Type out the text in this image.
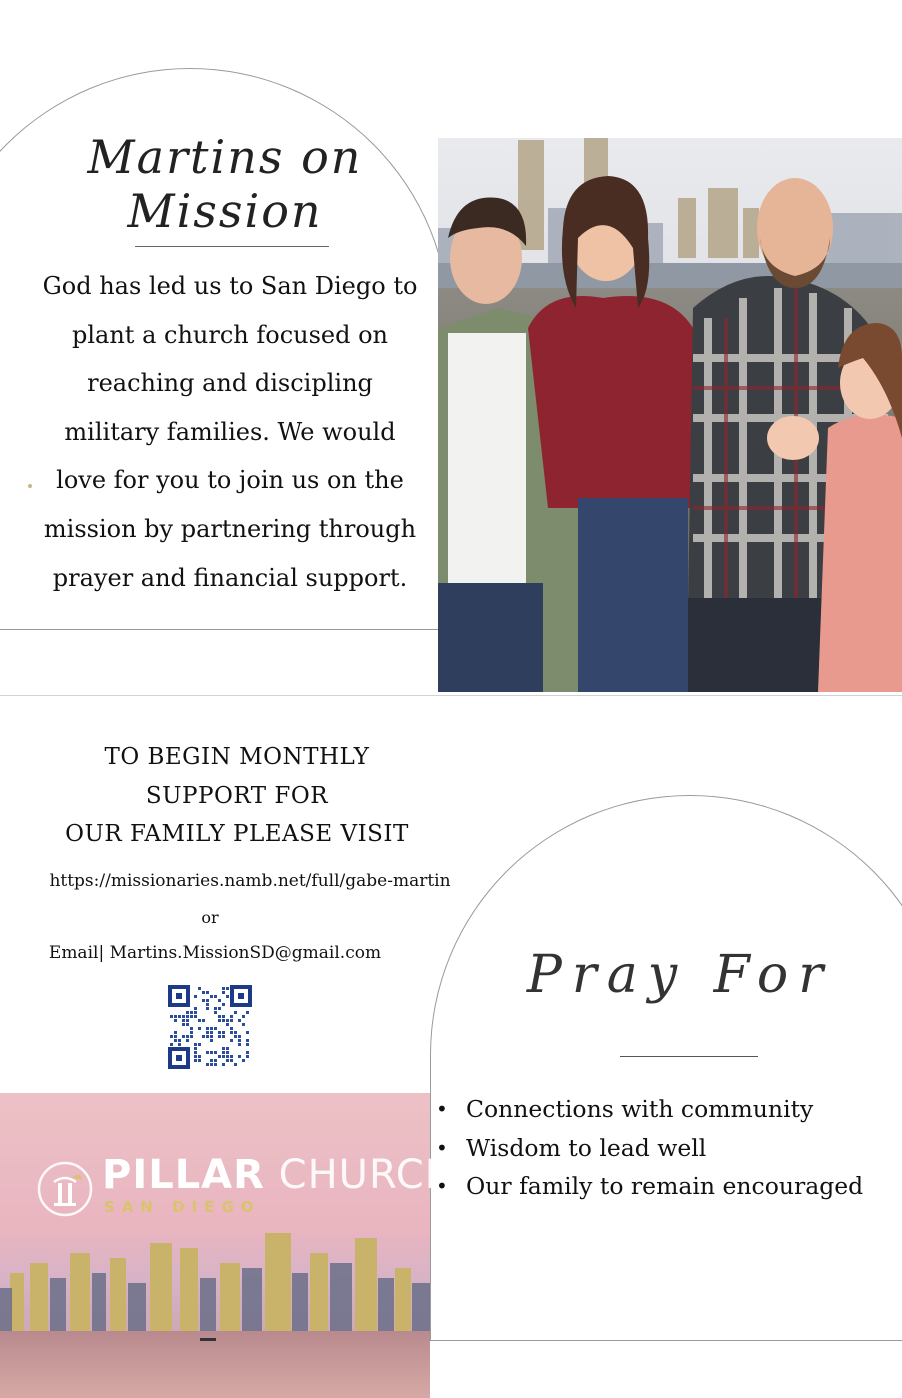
Martins on Mission
God has led us to San Diego to
plant a church focused on
reaching and discipling
military families. We would
love for you to join us on the
mission by partnering through
prayer and financial support.
TO BEGIN MONTHLY
SUPPORT FOR
OUR FAMILY PLEASE VISIT
https://missionaries.namb.net/full/gabe-martin
or
Email| Martins.MissionSD@gmail.com	Pray For
• Connections with community
• Wisdom to lead well
• Our family to remain encouraged
PILLAR CHURCH
SAN DIEGO
